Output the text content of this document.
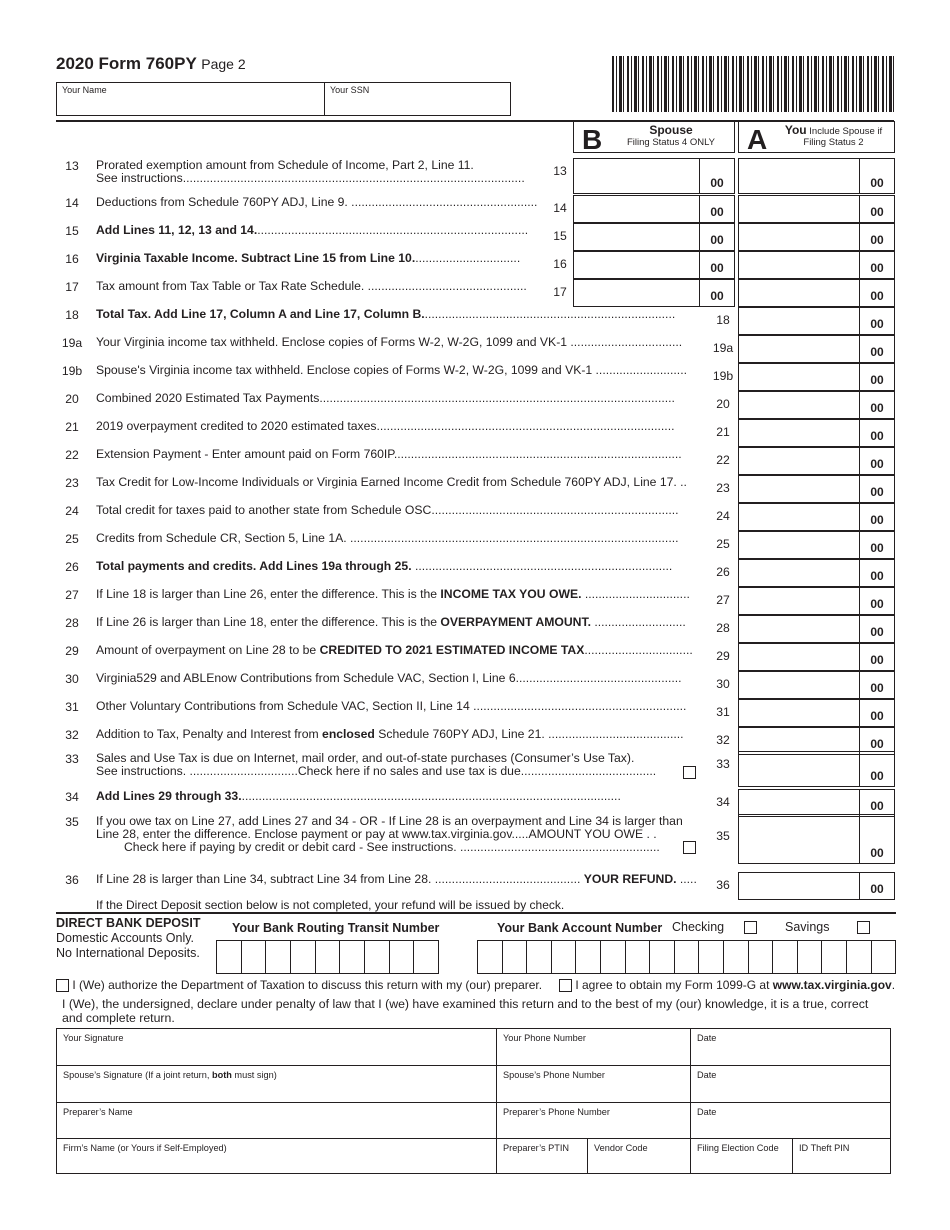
2020 Form 760PY Page 2
Your Name	Your SSN
B	Spouse
Filing Status 4 ONLY	A	You Include Spouse if
Filing Status 2
13	Prorated exemption amount from Schedule of Income, Part 2, Line 11.
See instructions.....................................................................................................	13
00	00
14	Deductions from Schedule 760PY ADJ, Line 9. .......................................................	14	00	00
15	Add Lines 11, 12, 13 and 14.................................................................................	15	00	00
16	Virginia Taxable Income. Subtract Line 15 from Line 10................................	16	00	00
17	Tax amount from Tax Table or Tax Rate Schedule. ...............................................	17	00	00
18	Total Tax. Add Line 17, Column A and Line 17, Column B...........................................................................	18	00
19a	Your Virginia income tax withheld. Enclose copies of Forms W-2, W-2G, 1099 and VK-1 .................................	19a	00
19b	Spouse's Virginia income tax withheld. Enclose copies of Forms W-2, W-2G, 1099 and VK-1 ...........................	19b	00
20	Combined 2020 Estimated Tax Payments.........................................................................................................	20	00
21	2019 overpayment credited to 2020 estimated taxes........................................................................................	21	00
22	Extension Payment - Enter amount paid on Form 760IP.....................................................................................	22	00
23	Tax Credit for Low-Income Individuals or Virginia Earned Income Credit from Schedule 760PY ADJ, Line 17. ..	23	00
24	Total credit for taxes paid to another state from Schedule OSC.........................................................................	24	00
25	Credits from Schedule CR, Section 5, Line 1A. .................................................................................................	25	00
26	Total payments and credits. Add Lines 19a through 25. ............................................................................	26	00
27	If Line 18 is larger than Line 26, enter the difference. This is the INCOME TAX YOU OWE. ...............................	27	00
28	If Line 26 is larger than Line 18, enter the difference. This is the OVERPAYMENT AMOUNT. ...........................	28	00
29	Amount of overpayment on Line 28 to be CREDITED TO 2021 ESTIMATED INCOME TAX................................	29	00
30	Virginia529 and ABLEnow Contributions from Schedule VAC, Section I, Line 6.................................................	30	00
31	Other Voluntary Contributions from Schedule VAC, Section II, Line 14 ...............................................................	31	00
32	Addition to Tax, Penalty and Interest from enclosed Schedule 760PY ADJ, Line 21. ........................................	32	00
33	Sales and Use Tax is due on Internet, mail order, and out-of-state purchases (Consumer’s Use Tax).
See instructions. ................................Check here if no sales and use tax is due........................................	33
00
34	Add Lines 29 through 33.................................................................................................................	34	00
35	If you owe tax on Line 27, add Lines 27 and 34 - OR - If Line 28 is an overpayment and Line 34 is larger than
Line 28, enter the difference. Enclose payment or pay at www.tax.virginia.gov.....AMOUNT YOU OWE . .
Check here if paying by credit or debit card - See instructions. ...........................................................
35
00
36	If Line 28 is larger than Line 34, subtract Line 34 from Line 28. ........................................... YOUR REFUND. .....	36	00
If the Direct Deposit section below is not completed, your refund will be issued by check.
DIRECT BANK DEPOSIT
Domestic Accounts Only.
No International Deposits.
Your Bank Routing Transit Number	Your Bank Account Number Checking	Savings
I (We) authorize the Department of Taxation to discuss this return with my (our) preparer.	I agree to obtain my Form 1099-G at www.tax.virginia.gov.
I (We), the undersigned, declare under penalty of law that I (we) have examined this return and to the best of my (our) knowledge, it is a true, correct and complete return.
Your Signature	Your Phone Number	Date
Spouse’s Signature (If a joint return, both must sign)	Spouse’s Phone Number	Date
Preparer’s Name	Preparer’s Phone Number	Date
Firm’s Name (or Yours if Self-Employed)	Preparer’s PTIN	Vendor Code	Filing Election Code	ID Theft PIN
